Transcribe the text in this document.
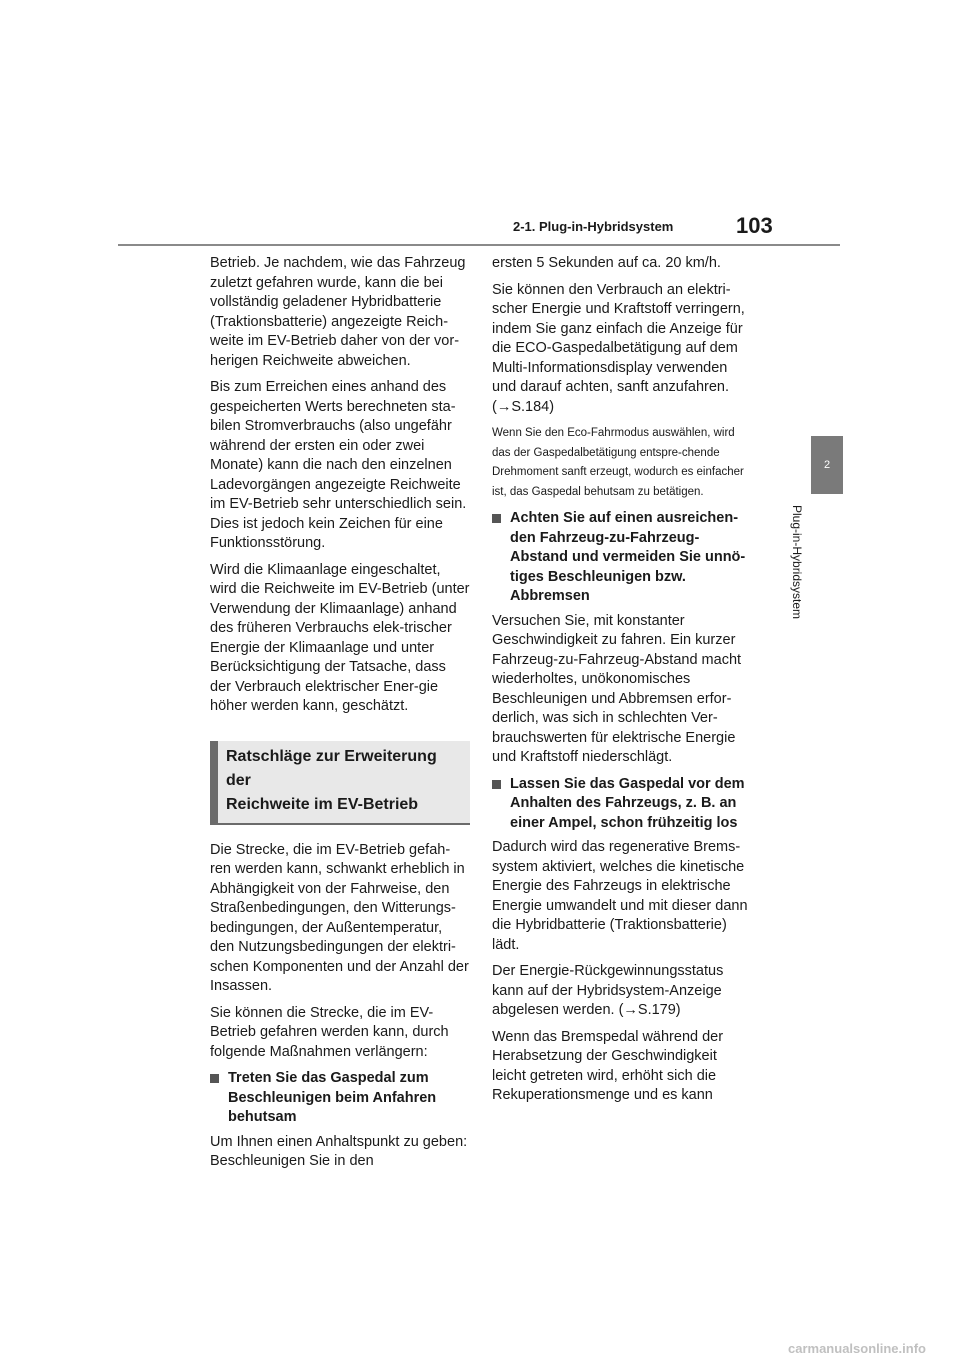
2-1. Plug-in-Hybridsystem	103
2
Plug-in-Hybridsystem

Betrieb. Je nachdem, wie das Fahrzeug zuletzt gefahren wurde, kann die bei vollständig geladener Hybridbatterie (Traktionsbatterie) angezeigte Reich-weite im EV-Betrieb daher von der vor-herigen Reichweite abweichen.

Bis zum Erreichen eines anhand des gespeicherten Werts berechneten sta-bilen Stromverbrauchs (also ungefähr während der ersten ein oder zwei Monate) kann die nach den einzelnen Ladevorgängen angezeigte Reichweite im EV-Betrieb sehr unterschiedlich sein. Dies ist jedoch kein Zeichen für eine Funktionsstörung.

Wird die Klimaanlage eingeschaltet, wird die Reichweite im EV-Betrieb (unter Verwendung der Klimaanlage) anhand des früheren Verbrauchs elek-trischer Energie der Klimaanlage und unter Berücksichtigung der Tatsache, dass der Verbrauch elektrischer Ener-gie höher werden kann, geschätzt.

Ratschläge zur Erweiterung der
Reichweite im EV-Betrieb

Die Strecke, die im EV-Betrieb gefah-ren werden kann, schwankt erheblich in Abhängigkeit von der Fahrweise, den Straßenbedingungen, den Witterungs-bedingungen, der Außentemperatur, den Nutzungsbedingungen der elektri-schen Komponenten und der Anzahl der Insassen.

Sie können die Strecke, die im EV-Betrieb gefahren werden kann, durch folgende Maßnahmen verlängern:

Treten Sie das Gaspedal zum Beschleunigen beim Anfahren behutsam

Um Ihnen einen Anhaltspunkt zu geben: Beschleunigen Sie in den

ersten 5 Sekunden auf ca. 20 km/h.

Sie können den Verbrauch an elektri-scher Energie und Kraftstoff verringern, indem Sie ganz einfach die Anzeige für die ECO-Gaspedalbetätigung auf dem Multi-Informationsdisplay verwenden und darauf achten, sanft anzufahren. (→S.184)

Wenn Sie den Eco-Fahrmodus auswählen, wird das der Gaspedalbetätigung entspre-chende Drehmoment sanft erzeugt, wodurch es einfacher ist, das Gaspedal behutsam zu betätigen.

Achten Sie auf einen ausreichen-den Fahrzeug-zu-Fahrzeug-Abstand und vermeiden Sie unnö-tiges Beschleunigen bzw. Abbremsen

Versuchen Sie, mit konstanter Geschwindigkeit zu fahren. Ein kurzer Fahrzeug-zu-Fahrzeug-Abstand macht wiederholtes, unökonomisches Beschleunigen und Abbremsen erfor-derlich, was sich in schlechten Ver-brauchswerten für elektrische Energie und Kraftstoff niederschlägt.

Lassen Sie das Gaspedal vor dem Anhalten des Fahrzeugs, z. B. an einer Ampel, schon frühzeitig los

Dadurch wird das regenerative Brems-system aktiviert, welches die kinetische Energie des Fahrzeugs in elektrische Energie umwandelt und mit dieser dann die Hybridbatterie (Traktionsbatterie) lädt.

Der Energie-Rückgewinnungsstatus kann auf der Hybridsystem-Anzeige abgelesen werden. (→S.179)

Wenn das Bremspedal während der Herabsetzung der Geschwindigkeit leicht getreten wird, erhöht sich die Rekuperationsmenge und es kann

carmanualsonline.info
